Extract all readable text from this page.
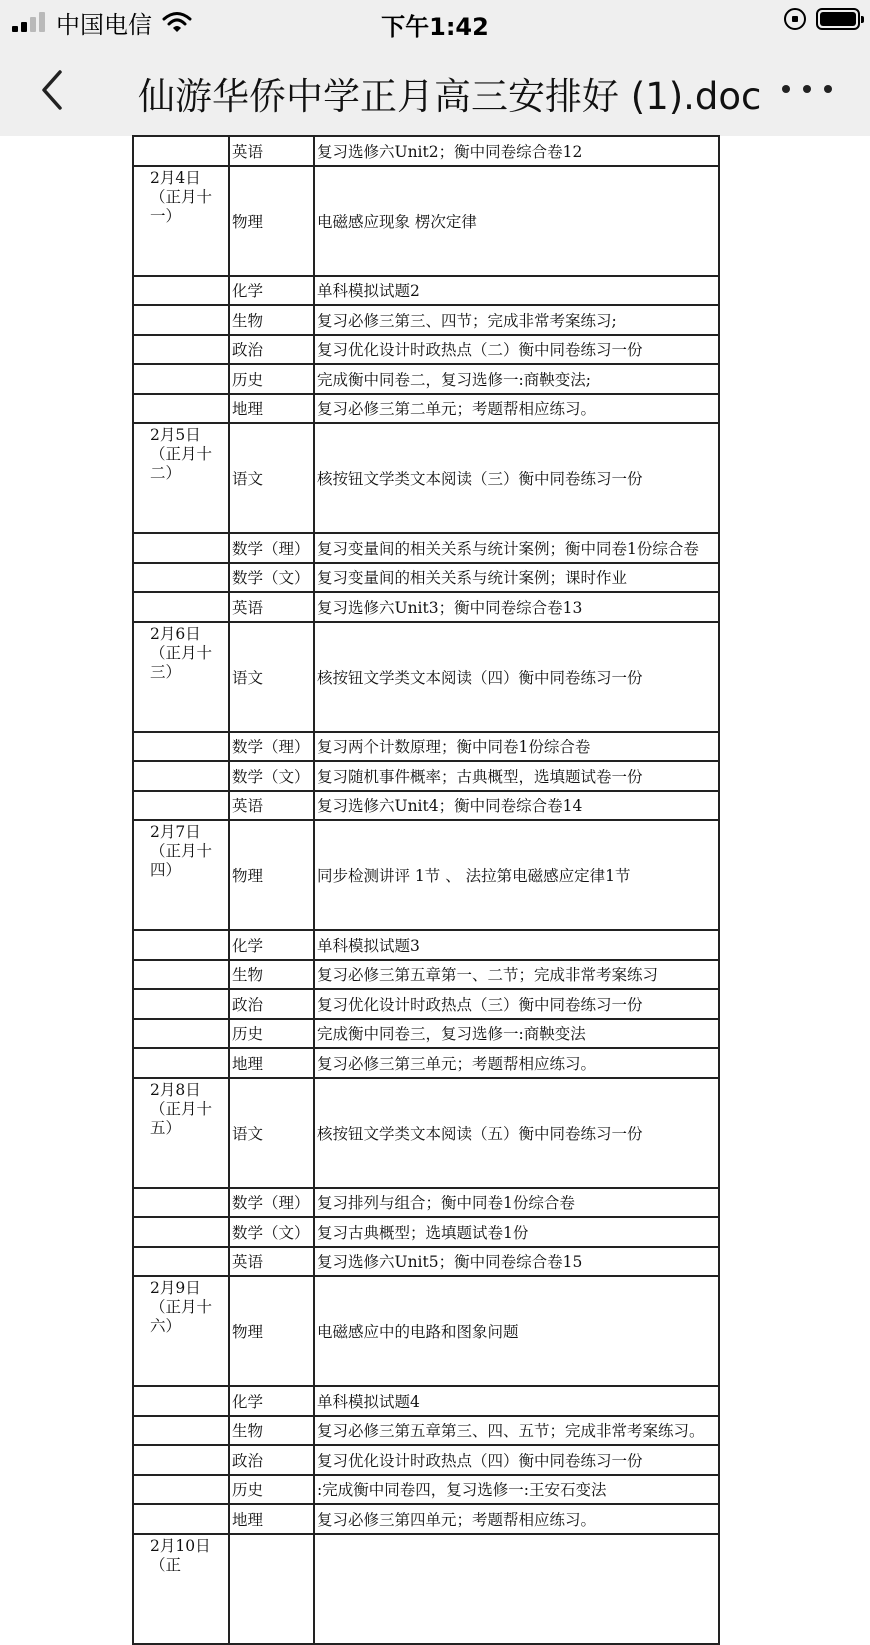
中国电信	下午1:42
仙游华侨中学正月高三安排好 (1).doc
	英语	复习选修六Unit2；衡中同卷综合卷12

2月4日（正月十一）	物理	电磁感应现象 楞次定律

	化学	单科模拟试题2

	生物	复习必修三第三、四节；完成非常考案练习;

	政治	复习优化设计时政热点（二）衡中同卷练习一份

	历史	完成衡中同卷二，复习选修一:商鞅变法;

	地理	复习必修三第二单元；考题帮相应练习。

2月5日（正月十二）	语文	核按钮文学类文本阅读（三）衡中同卷练习一份

	数学（理）	复习变量间的相关关系与统计案例；衡中同卷1份综合卷

	数学（文）	复习变量间的相关关系与统计案例；课时作业

	英语	复习选修六Unit3；衡中同卷综合卷13

2月6日（正月十三）	语文	核按钮文学类文本阅读（四）衡中同卷练习一份

	数学（理）	复习两个计数原理；衡中同卷1份综合卷

	数学（文）	复习随机事件概率；古典概型，选填题试卷一份

	英语	复习选修六Unit4；衡中同卷综合卷14

2月7日（正月十四）	物理	同步检测讲评 1节 、 法拉第电磁感应定律1节

	化学	单科模拟试题3

	生物	复习必修三第五章第一、二节；完成非常考案练习

	政治	复习优化设计时政热点（三）衡中同卷练习一份

	历史	完成衡中同卷三，复习选修一:商鞅变法

	地理	复习必修三第三单元；考题帮相应练习。

2月8日（正月十五）	语文	核按钮文学类文本阅读（五）衡中同卷练习一份

	数学（理）	复习排列与组合；衡中同卷1份综合卷

	数学（文）	复习古典概型；选填题试卷1份

	英语	复习选修六Unit5；衡中同卷综合卷15

2月9日（正月十六）	物理	电磁感应中的电路和图象问题

	化学	单科模拟试题4

	生物	复习必修三第五章第三、四、五节；完成非常考案练习。

	政治	复习优化设计时政热点（四）衡中同卷练习一份

	历史	:完成衡中同卷四，复习选修一:王安石变法

	地理	复习必修三第四单元；考题帮相应练习。

2月10日（正		
